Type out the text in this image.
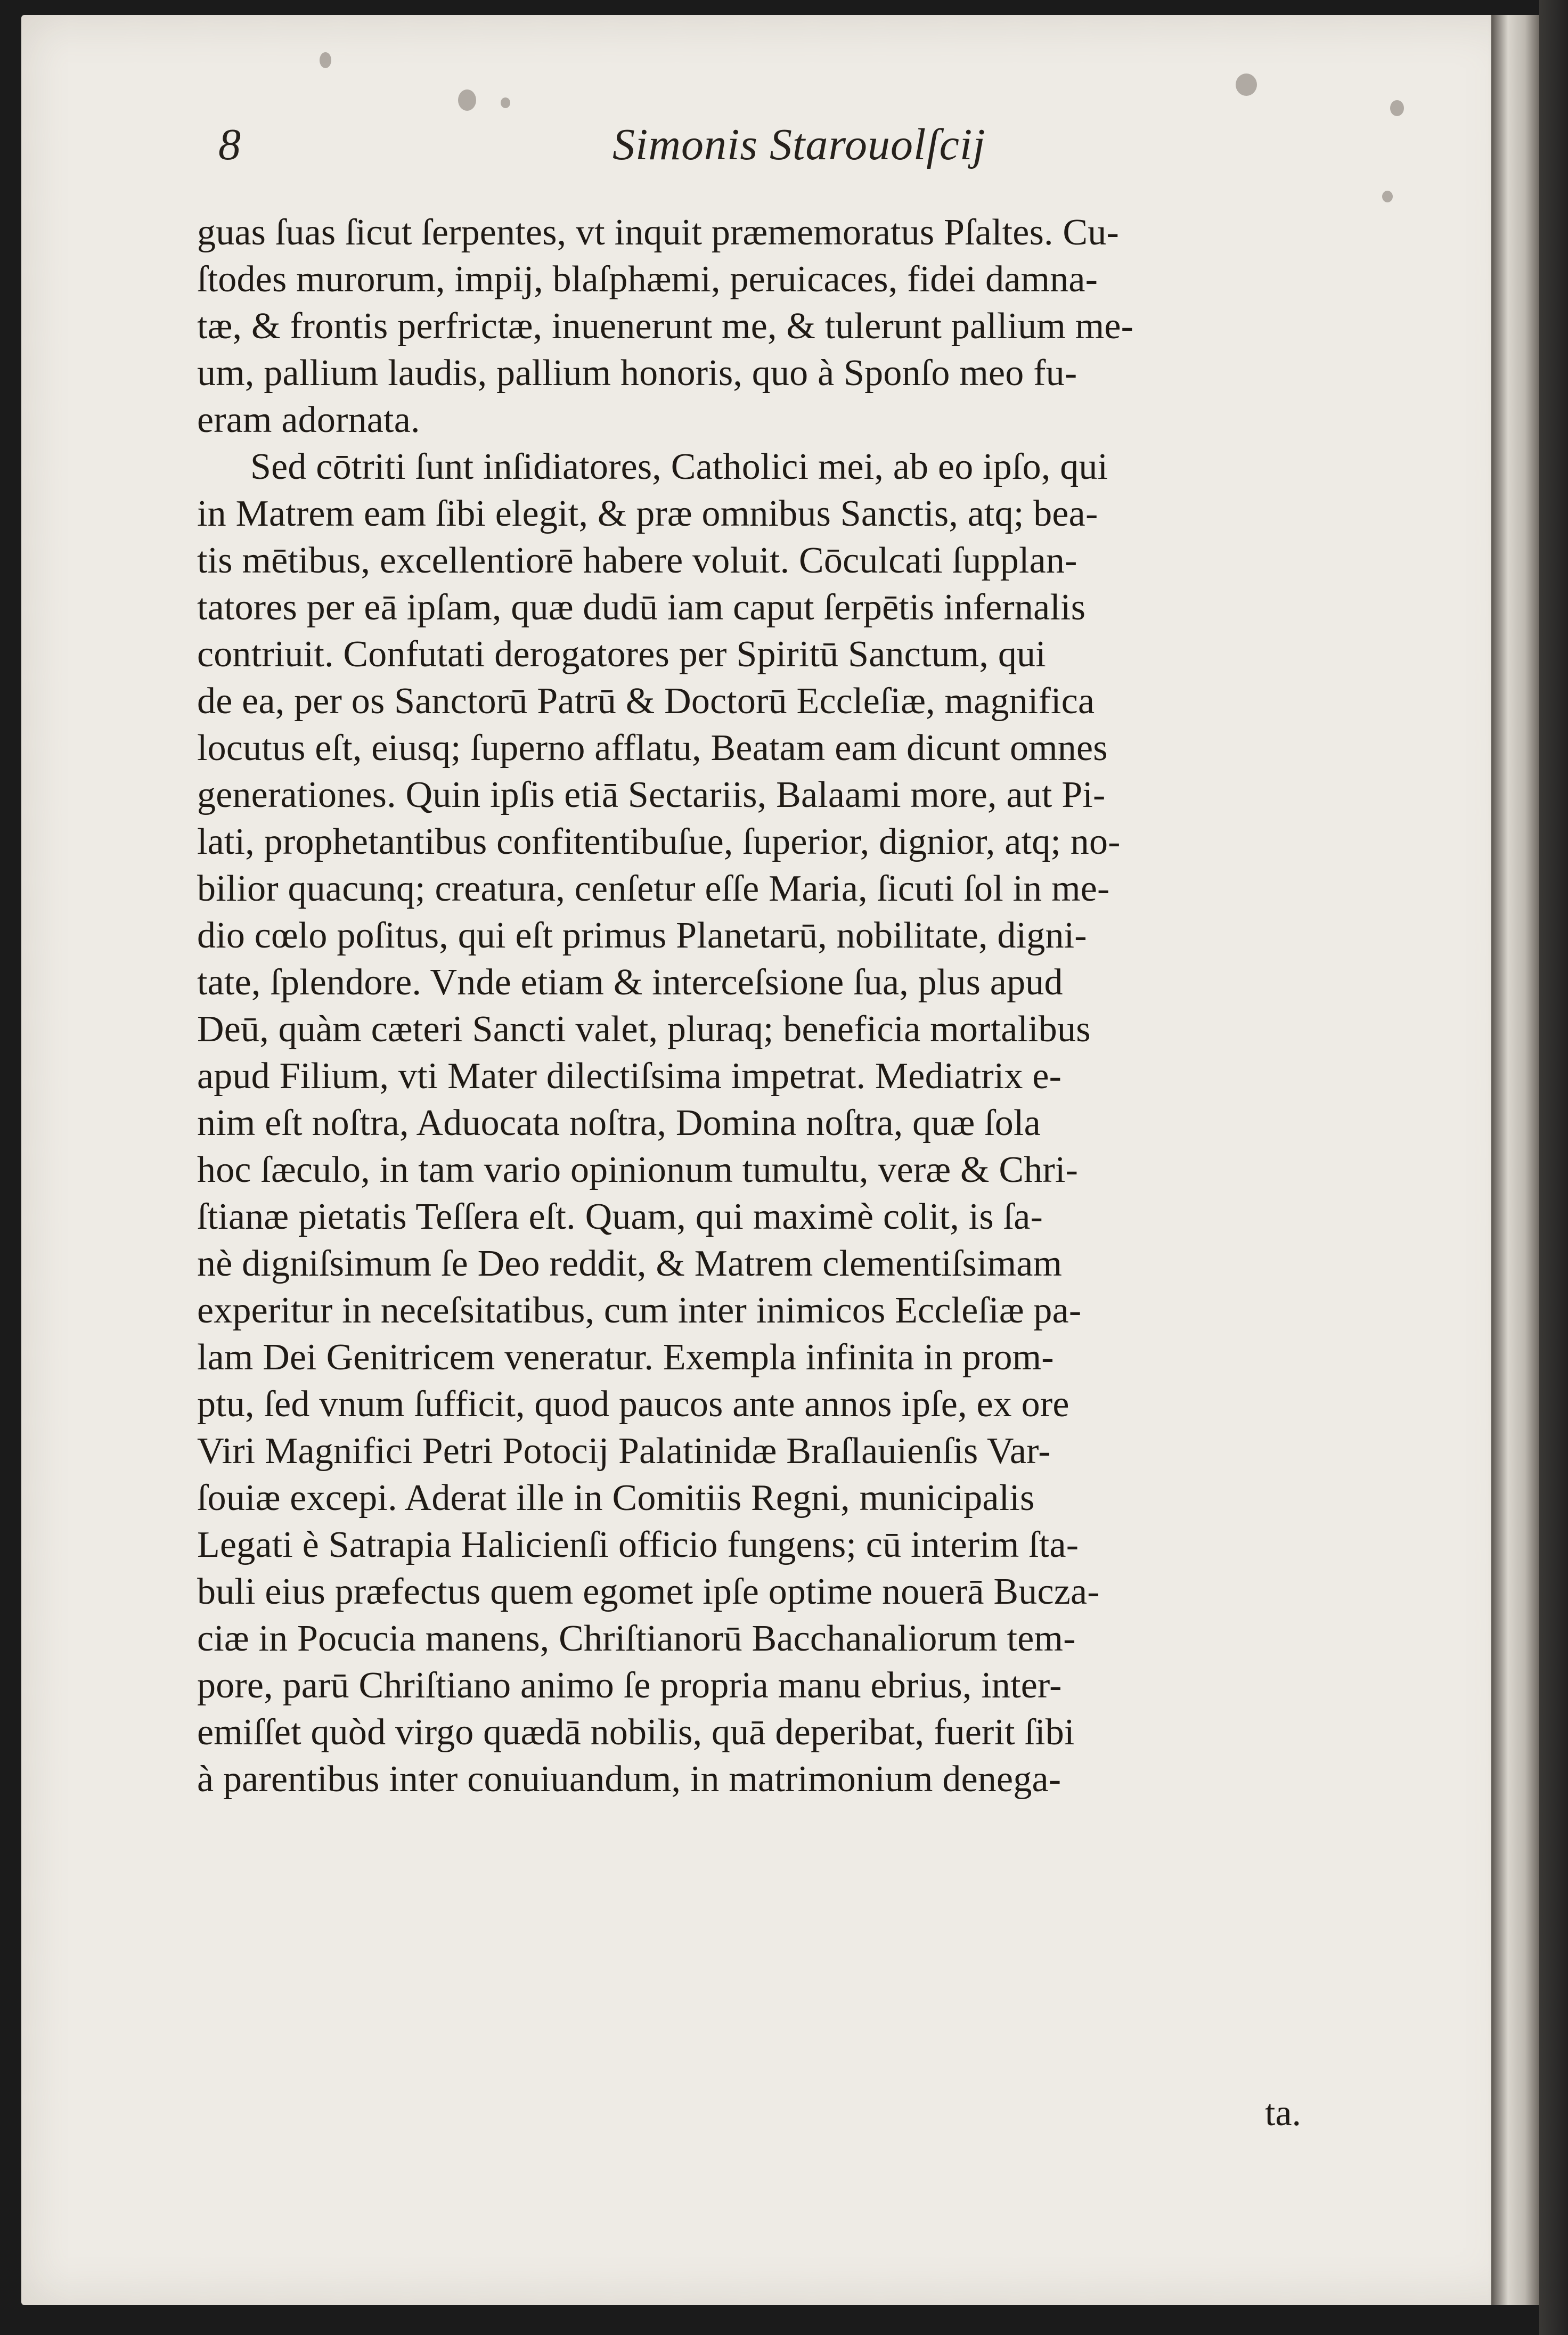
8	Simonis Starouolſcij
guas ſuas ſicut ſerpentes, vt inquit præmemoratus Pſaltes. Cu-
ſtodes murorum, impij, blaſphæmi, peruicaces, fidei damna-
tæ, & frontis perfrictæ, inuenerunt me, & tulerunt pallium me-
um, pallium laudis, pallium honoris, quo à Sponſo meo fu-
eram adornata.
Sed cōtriti ſunt inſidiatores, Catholici mei, ab eo ipſo, qui
in Matrem eam ſibi elegit, & præ omnibus Sanctis, atq; bea-
tis mētibus, excellentiorē habere voluit. Cōculcati ſupplan-
tatores per eā ipſam, quæ dudū iam caput ſerpētis infernalis
contriuit. Confutati derogatores per Spiritū Sanctum, qui
de ea, per os Sanctorū Patrū & Doctorū Eccleſiæ, magnifica
locutus eſt, eiusq; ſuperno afflatu, Beatam eam dicunt omnes
generationes. Quin ipſis etiā Sectariis, Balaami more, aut Pi-
lati, prophetantibus confitentibuſue, ſuperior, dignior, atq; no-
bilior quacunq; creatura, cenſetur eſſe Maria, ſicuti ſol in me-
dio cœlo poſitus, qui eſt primus Planetarū, nobilitate, digni-
tate, ſplendore. Vnde etiam & interceſsione ſua, plus apud
Deū, quàm cæteri Sancti valet, pluraq; beneficia mortalibus
apud Filium, vti Mater dilectiſsima impetrat. Mediatrix e-
nim eſt noſtra, Aduocata noſtra, Domina noſtra, quæ ſola
hoc ſæculo, in tam vario opinionum tumultu, veræ & Chri-
ſtianæ pietatis Teſſera eſt. Quam, qui maximè colit, is ſa-
nè digniſsimum ſe Deo reddit, & Matrem clementiſsimam
experitur in neceſsitatibus, cum inter inimicos Eccleſiæ pa-
lam Dei Genitricem veneratur. Exempla infinita in prom-
ptu, ſed vnum ſufficit, quod paucos ante annos ipſe, ex ore
Viri Magnifici Petri Potocij Palatinidæ Braſlauienſis Var-
ſouiæ excepi. Aderat ille in Comitiis Regni, municipalis
Legati è Satrapia Halicienſi officio fungens; cū interim ſta-
buli eius præfectus quem egomet ipſe optime nouerā Bucza-
ciæ in Pocucia manens, Chriſtianorū Bacchanaliorum tem-
pore, parū Chriſtiano animo ſe propria manu ebrius, inter-
emiſſet quòd virgo quædā nobilis, quā deperibat, fuerit ſibi
à parentibus inter conuiuandum, in matrimonium denega-
ta.
